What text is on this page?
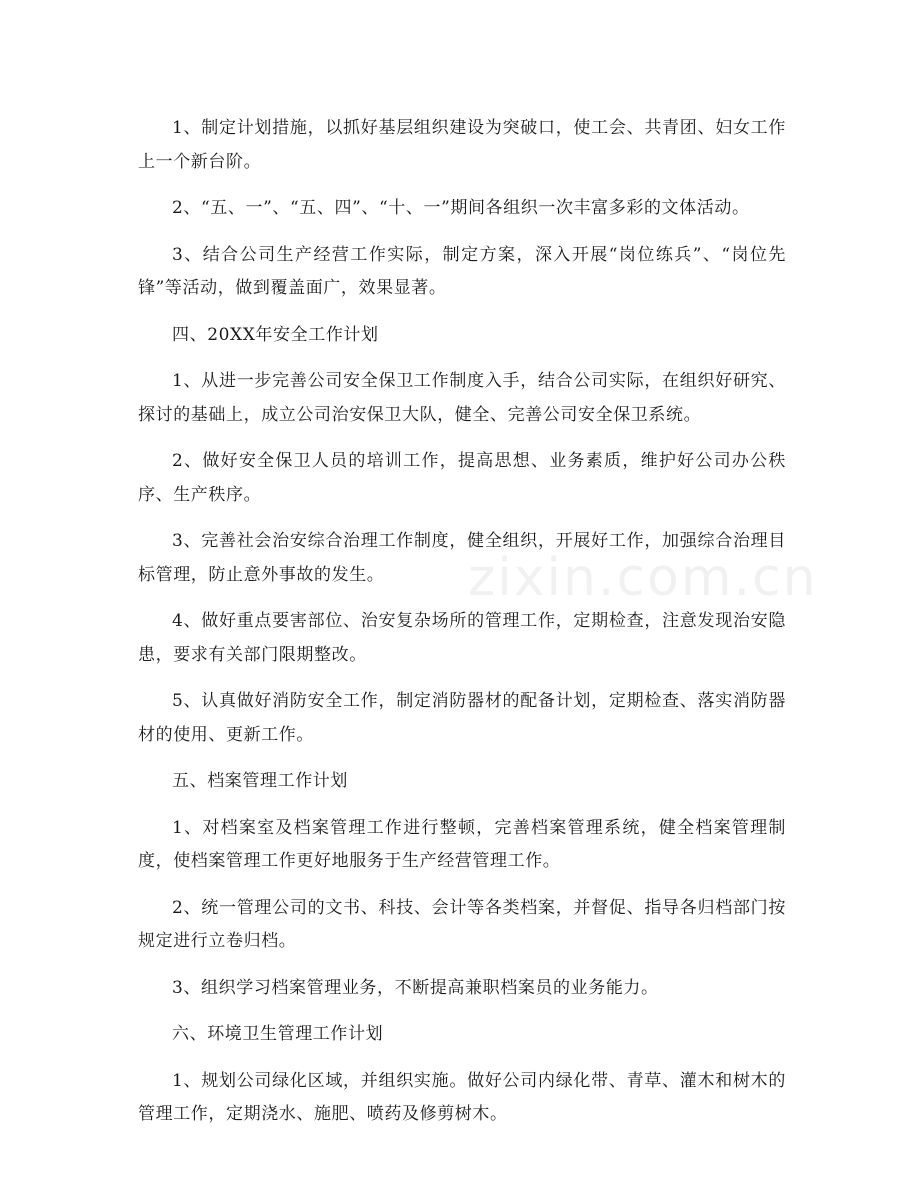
1、制定计划措施，以抓好基层组织建设为突破口，使工会、共青团、妇女工作上一个新台阶。

2、“五、一”、“五、四”、“十、一”期间各组织一次丰富多彩的文体活动。

3、结合公司生产经营工作实际，制定方案，深入开展“岗位练兵”、“岗位先锋”等活动，做到覆盖面广，效果显著。

四、20XX年安全工作计划

1、从进一步完善公司安全保卫工作制度入手，结合公司实际，在组织好研究、探讨的基础上，成立公司治安保卫大队，健全、完善公司安全保卫系统。

2、做好安全保卫人员的培训工作，提高思想、业务素质，维护好公司办公秩序、生产秩序。

3、完善社会治安综合治理工作制度，健全组织，开展好工作，加强综合治理目标管理，防止意外事故的发生。

4、做好重点要害部位、治安复杂场所的管理工作，定期检查，注意发现治安隐患，要求有关部门限期整改。

5、认真做好消防安全工作，制定消防器材的配备计划，定期检查、落实消防器材的使用、更新工作。

五、档案管理工作计划

1、对档案室及档案管理工作进行整顿，完善档案管理系统，健全档案管理制度，使档案管理工作更好地服务于生产经营管理工作。

2、统一管理公司的文书、科技、会计等各类档案，并督促、指导各归档部门按规定进行立卷归档。

3、组织学习档案管理业务，不断提高兼职档案员的业务能力。

六、环境卫生管理工作计划

1、规划公司绿化区域，并组织实施。做好公司内绿化带、青草、灌木和树木的管理工作，定期浇水、施肥、喷药及修剪树木。

zixin.com.cn
